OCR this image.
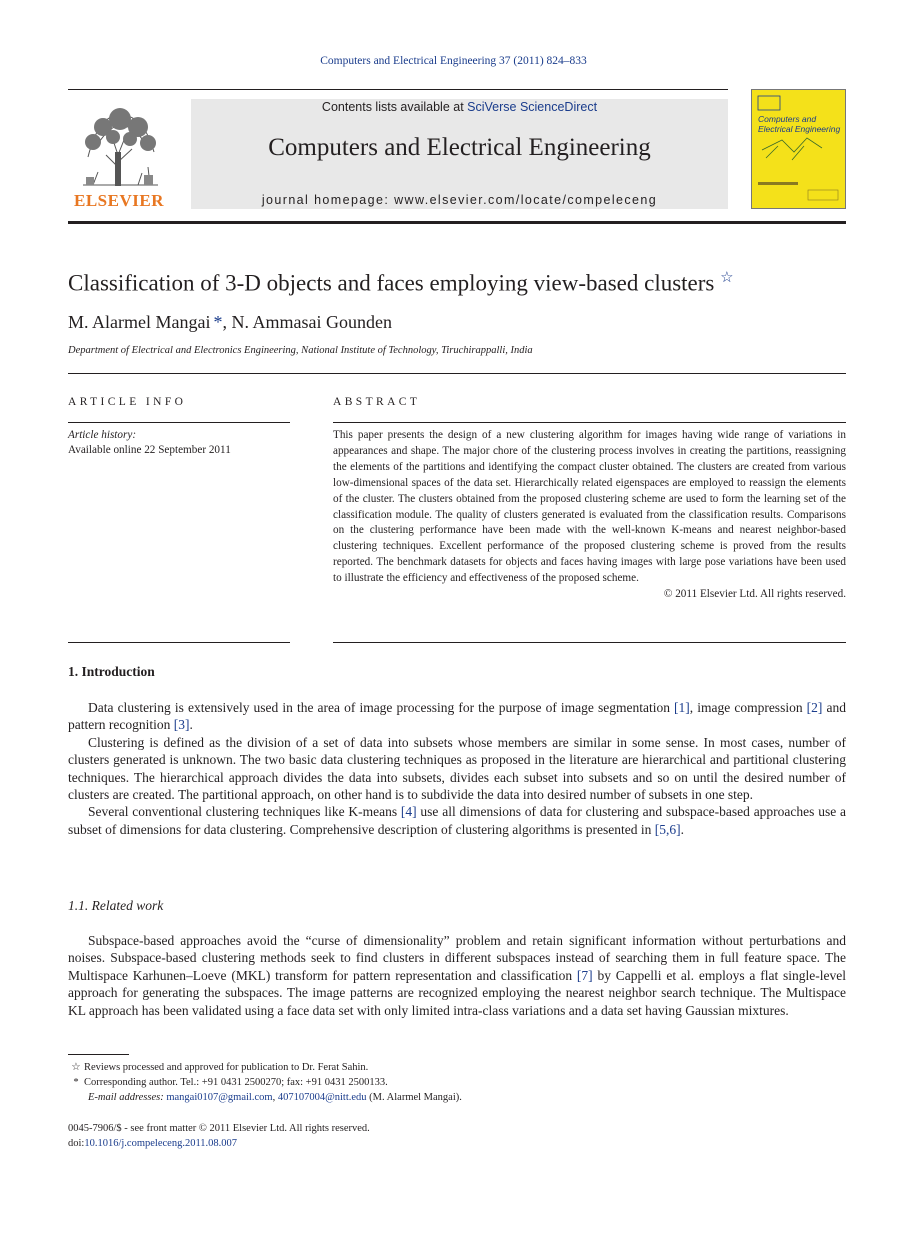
Computers and Electrical Engineering 37 (2011) 824–833
ELSEVIER
Contents lists available at SciVerse ScienceDirect
Computers and Electrical Engineering
journal homepage: www.elsevier.com/locate/compeleceng
Computers and Electrical Engineering
Classification of 3-D objects and faces employing view-based clusters ☆
M. Alarmel Mangai *, N. Ammasai Gounden
Department of Electrical and Electronics Engineering, National Institute of Technology, Tiruchirappalli, India
ARTICLE INFO
Article history:
Available online 22 September 2011
ABSTRACT
This paper presents the design of a new clustering algorithm for images having wide range of variations in appearances and shape. The major chore of the clustering process involves in creating the partitions, reassigning the elements of the partitions and identifying the compact cluster obtained. The clusters are created from various low-dimensional spaces of the data set. Hierarchically related eigenspaces are employed to reassign the elements of the cluster. The clusters obtained from the proposed clustering scheme are used to form the learning set of the classification module. The quality of clusters generated is evaluated from the classification results. Comparisons on the clustering performance have been made with the well-known K-means and nearest neighbor-based clustering techniques. Excellent performance of the proposed clustering scheme is proved from the results reported. The benchmark datasets for objects and faces having images with large pose variations have been used to illustrate the efficiency and effectiveness of the proposed scheme.
© 2011 Elsevier Ltd. All rights reserved.
1. Introduction

Data clustering is extensively used in the area of image processing for the purpose of image segmentation [1], image compression [2] and pattern recognition [3].

Clustering is defined as the division of a set of data into subsets whose members are similar in some sense. In most cases, number of clusters generated is unknown. The two basic data clustering techniques as proposed in the literature are hierarchical and partitional clustering techniques. The hierarchical approach divides the data into subsets, divides each subset into subsets and so on until the desired number of clusters are created. The partitional approach, on other hand is to subdivide the data into desired number of subsets in one step.

Several conventional clustering techniques like K-means [4] use all dimensions of data for clustering and subspace-based approaches use a subset of dimensions for data clustering. Comprehensive description of clustering algorithms is presented in [5,6].

1.1. Related work

Subspace-based approaches avoid the “curse of dimensionality” problem and retain significant information without perturbations and noises. Subspace-based clustering methods seek to find clusters in different subspaces instead of searching them in full feature space. The Multispace Karhunen–Loeve (MKL) transform for pattern representation and classification [7] by Cappelli et al. employs a flat single-level approach for generating the subspaces. The image patterns are recognized employing the nearest neighbor search technique. The Multispace KL approach has been validated using a face data set with only limited intra-class variations and a data set having Gaussian mixtures.

☆ Reviews processed and approved for publication to Dr. Ferat Sahin.
* Corresponding author. Tel.: +91 0431 2500270; fax: +91 0431 2500133.
E-mail addresses: mangai0107@gmail.com, 407107004@nitt.edu (M. Alarmel Mangai).
0045-7906/$ - see front matter © 2011 Elsevier Ltd. All rights reserved.
doi:10.1016/j.compeleceng.2011.08.007
